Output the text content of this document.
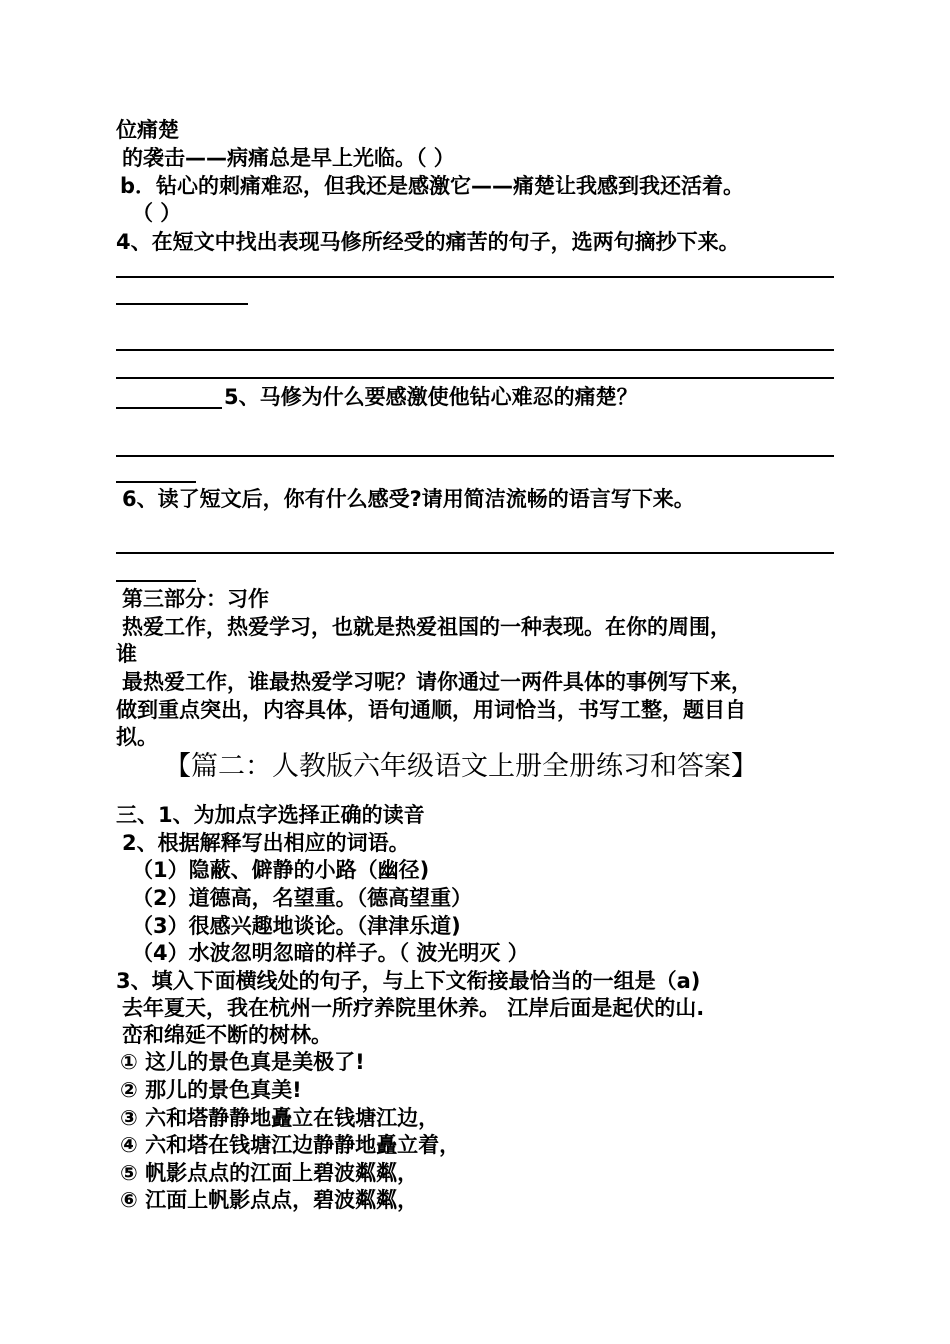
位痛楚
的袭击——病痛总是早上光临。（ ）
b．钻心的刺痛难忍，但我还是感激它——痛楚让我感到我还活着。
（ ）
4、在短文中找出表现马修所经受的痛苦的句子，选两句摘抄下来。
5、马修为什么要感激使他钻心难忍的痛楚？
6、读了短文后，你有什么感受?请用简洁流畅的语言写下来。
第三部分：习作
热爱工作，热爱学习，也就是热爱祖国的一种表现。在你的周围，
谁
最热爱工作，谁最热爱学习呢？请你通过一两件具体的事例写下来，
做到重点突出，内容具体，语句通顺，用词恰当，书写工整，题目自
拟。
【篇二：人教版六年级语文上册全册练习和答案】
三、1、为加点字选择正确的读音
2、根据解释写出相应的词语。
（1）隐蔽、僻静的小路（幽径)
（2）道德高，名望重。（德高望重）
（3）很感兴趣地谈论。（津津乐道)
（4）水波忽明忽暗的样子。（ 波光明灭 ）
3、填入下面横线处的句子，与上下文衔接最恰当的一组是（a)
去年夏天，我在杭州一所疗养院里休养。 江岸后面是起伏的山.
峦和绵延不断的树林。
① 这儿的景色真是美极了!
② 那儿的景色真美!
③ 六和塔静静地矗立在钱塘江边，
④ 六和塔在钱塘江边静静地矗立着，
⑤ 帆影点点的江面上碧波粼粼，
⑥ 江面上帆影点点，碧波粼粼，
